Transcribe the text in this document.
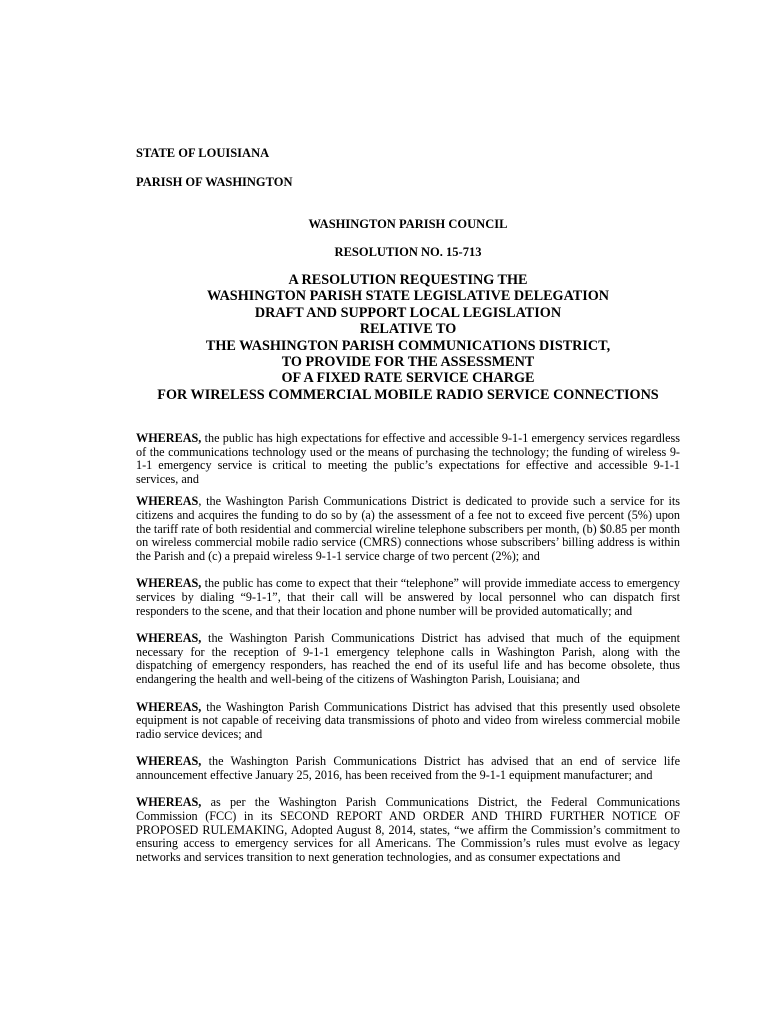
STATE OF LOUISIANA

PARISH OF WASHINGTON

WASHINGTON PARISH COUNCIL

RESOLUTION NO. 15-713

A RESOLUTION REQUESTING THE
WASHINGTON PARISH STATE LEGISLATIVE DELEGATION
DRAFT AND SUPPORT LOCAL LEGISLATION
RELATIVE TO
THE WASHINGTON PARISH COMMUNICATIONS DISTRICT,
TO PROVIDE FOR THE ASSESSMENT
OF A FIXED RATE SERVICE CHARGE
FOR WIRELESS COMMERCIAL MOBILE RADIO SERVICE CONNECTIONS

WHEREAS, the public has high expectations for effective and accessible 9-1-1 emergency services regardless of the communications technology used or the means of purchasing the technology; the funding of wireless 9-1-1 emergency service is critical to meeting the public’s expectations for effective and accessible 9-1-1 services, and

WHEREAS, the Washington Parish Communications District is dedicated to provide such a service for its citizens and acquires the funding to do so by (a) the assessment of a fee not to exceed five percent (5%) upon the tariff rate of both residential and commercial wireline telephone subscribers per month, (b) $0.85 per month on wireless commercial mobile radio service (CMRS) connections whose subscribers’ billing address is within the Parish and (c) a prepaid wireless 9-1-1 service charge of two percent (2%); and

WHEREAS, the public has come to expect that their “telephone” will provide immediate access to emergency services by dialing “9-1-1”, that their call will be answered by local personnel who can dispatch first responders to the scene, and that their location and phone number will be provided automatically; and

WHEREAS, the Washington Parish Communications District has advised that much of the equipment necessary for the reception of 9-1-1 emergency telephone calls in Washington Parish, along with the dispatching of emergency responders, has reached the end of its useful life and has become obsolete, thus endangering the health and well-being of the citizens of Washington Parish, Louisiana; and

WHEREAS, the Washington Parish Communications District has advised that this presently used obsolete equipment is not capable of receiving data transmissions of photo and video from wireless commercial mobile radio service devices; and

WHEREAS, the Washington Parish Communications District has advised that an end of service life announcement effective January 25, 2016, has been received from the 9-1-1 equipment manufacturer; and

WHEREAS, as per the Washington Parish Communications District, the Federal Communications Commission (FCC) in its SECOND REPORT AND ORDER AND THIRD FURTHER NOTICE OF PROPOSED RULEMAKING, Adopted August 8, 2014, states, “we affirm the Commission’s commitment to ensuring access to emergency services for all Americans. The Commission’s rules must evolve as legacy networks and services transition to next generation technologies, and as consumer expectations and
